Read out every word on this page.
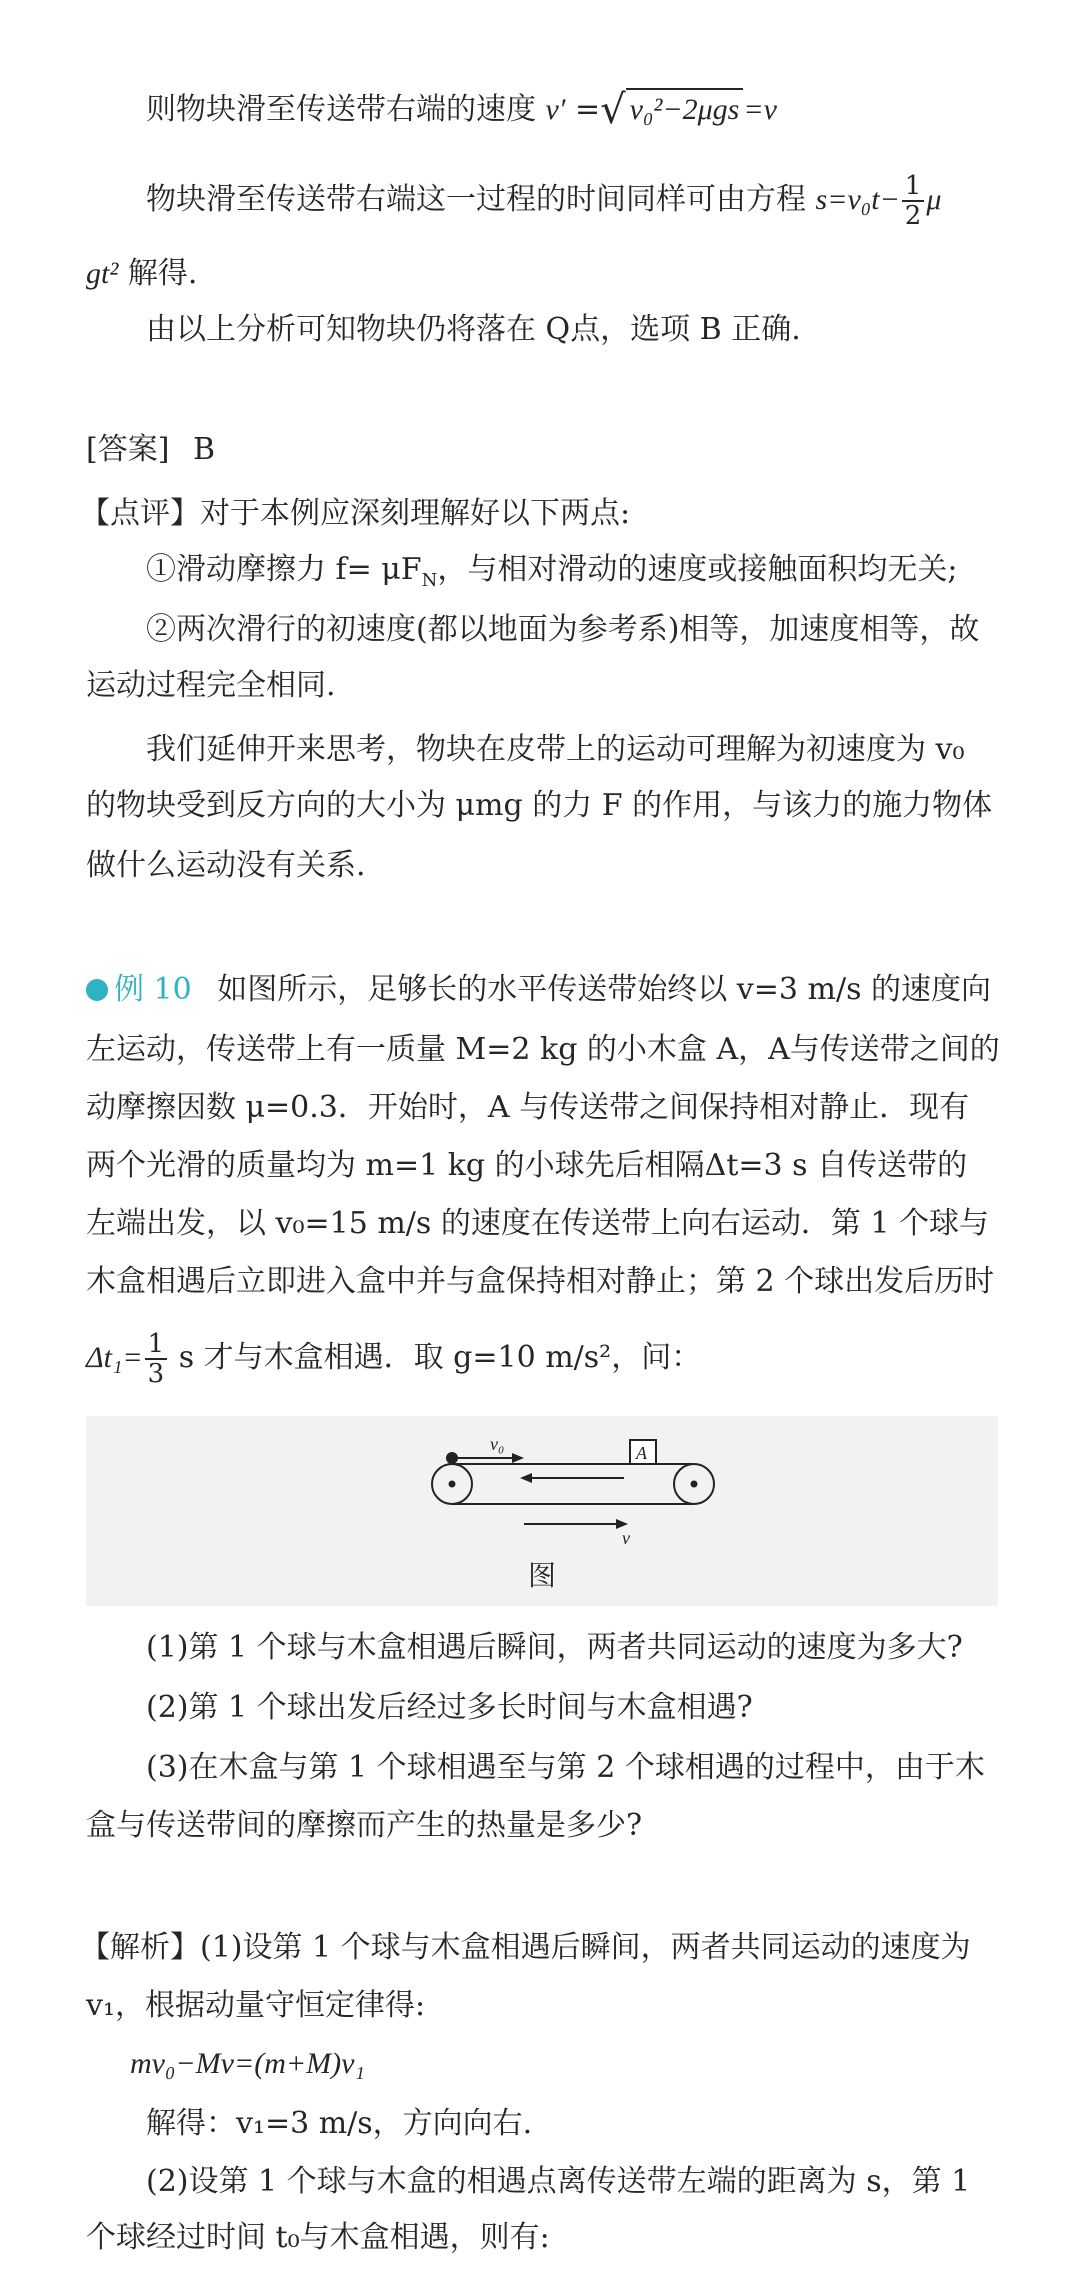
则物块滑至传送带右端的速度 v′ =√ v₀²−2μgs =v
物块滑至传送带右端这一过程的时间同样可由方程 $s=v_0t- \frac{1}{2}$ μ
gt² 解得.
由以上分析可知物块仍将落在 Q点，选项 B 正确.
[答案] B
【点评】对于本例应深刻理解好以下两点:
①滑动摩擦力 $f= \mu F_N$，与相对滑动的速度或接触面积均无关;
②两次滑行的初速度(都以地面为参考系)相等，加速度相等，故
运动过程完全相同.
我们延伸开来思考，物块在皮带上的运动可理解为初速度为 v₀
的物块受到反方向的大小为 μmg 的力 F 的作用，与该力的施力物体
做什么运动没有关系.
例 10 如图所示，足够长的水平传送带始终以 v=3 m/s 的速度向
左运动，传送带上有一质量 M=2 kg 的小木盒 A，A与传送带之间的
动摩擦因数 μ=0.3．开始时，A 与传送带之间保持相对静止．现有
两个光滑的质量均为 m=1 kg 的小球先后相隔Δt=3 s 自传送带的
左端出发，以 v₀=15 m/s 的速度在传送带上向右运动．第 1 个球与
木盒相遇后立即进入盒中并与盒保持相对静止；第 2 个球出发后历时
$\Delta t_1= \frac{1}{3}$ s 才与木盒相遇．取 g=10 m/s²，问：
v₀	A
v
图
(1)第 1 个球与木盒相遇后瞬间，两者共同运动的速度为多大?
(2)第 1 个球出发后经过多长时间与木盒相遇?
(3)在木盒与第 1 个球相遇至与第 2 个球相遇的过程中，由于木
盒与传送带间的摩擦而产生的热量是多少?
【解析】(1)设第 1 个球与木盒相遇后瞬间，两者共同运动的速度为
v₁，根据动量守恒定律得:
mv₀−Mv=(m+M)v₁
解得：v₁=3 m/s，方向向右.
(2)设第 1 个球与木盒的相遇点离传送带左端的距离为 s，第 1
个球经过时间 t₀与木盒相遇，则有:
